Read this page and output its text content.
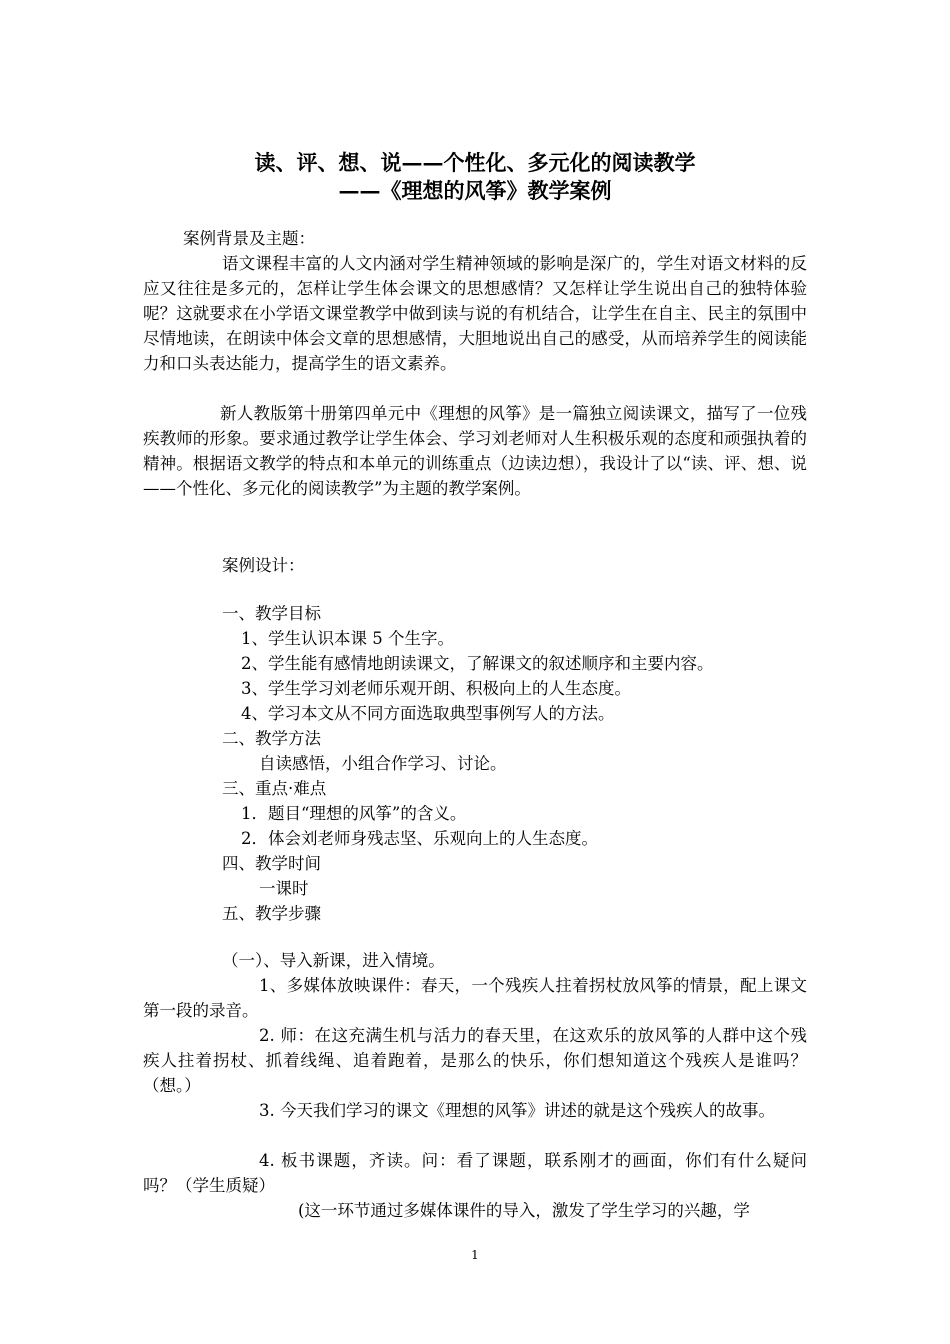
读、评、想、说——个性化、多元化的阅读教学
——《理想的风筝》教学案例
案例背景及主题：

语文课程丰富的人文内涵对学生精神领域的影响是深广的，学生对语文材料的反应又往往是多元的，怎样让学生体会课文的思想感情？又怎样让学生说出自己的独特体验呢？这就要求在小学语文课堂教学中做到读与说的有机结合，让学生在自主、民主的氛围中尽情地读，在朗读中体会文章的思想感情，大胆地说出自己的感受，从而培养学生的阅读能力和口头表达能力，提高学生的语文素养。

新人教版第十册第四单元中《理想的风筝》是一篇独立阅读课文，描写了一位残疾教师的形象。要求通过教学让学生体会、学习刘老师对人生积极乐观的态度和顽强执着的精神。根据语文教学的特点和本单元的训练重点（边读边想），我设计了以“读、评、想、说——个性化、多元化的阅读教学”为主题的教学案例。

案例设计：
一、教学目标
1、学生认识本课 5 个生字。
2、学生能有感情地朗读课文，了解课文的叙述顺序和主要内容。
3、学生学习刘老师乐观开朗、积极向上的人生态度。
4、学习本文从不同方面选取典型事例写人的方法。
二、教学方法
自读感悟，小组合作学习、讨论。
三、重点·难点
1．题目“理想的风筝”的含义。
2．体会刘老师身残志坚、乐观向上的人生态度。
四、教学时间
一课时
五、教学步骤
（一）、导入新课，进入情境。

1、多媒体放映课件：春天，一个残疾人拄着拐杖放风筝的情景，配上课文第一段的录音。

2. 师：在这充满生机与活力的春天里，在这欢乐的放风筝的人群中这个残疾人拄着拐杖、抓着线绳、追着跑着，是那么的快乐，你们想知道这个残疾人是谁吗？（想。）

3. 今天我们学习的课文《理想的风筝》讲述的就是这个残疾人的故事。

4. 板书课题，齐读。问：看了课题，联系刚才的画面，你们有什么疑问吗？（学生质疑）

(这一环节通过多媒体课件的导入，激发了学生学习的兴趣，学
1
